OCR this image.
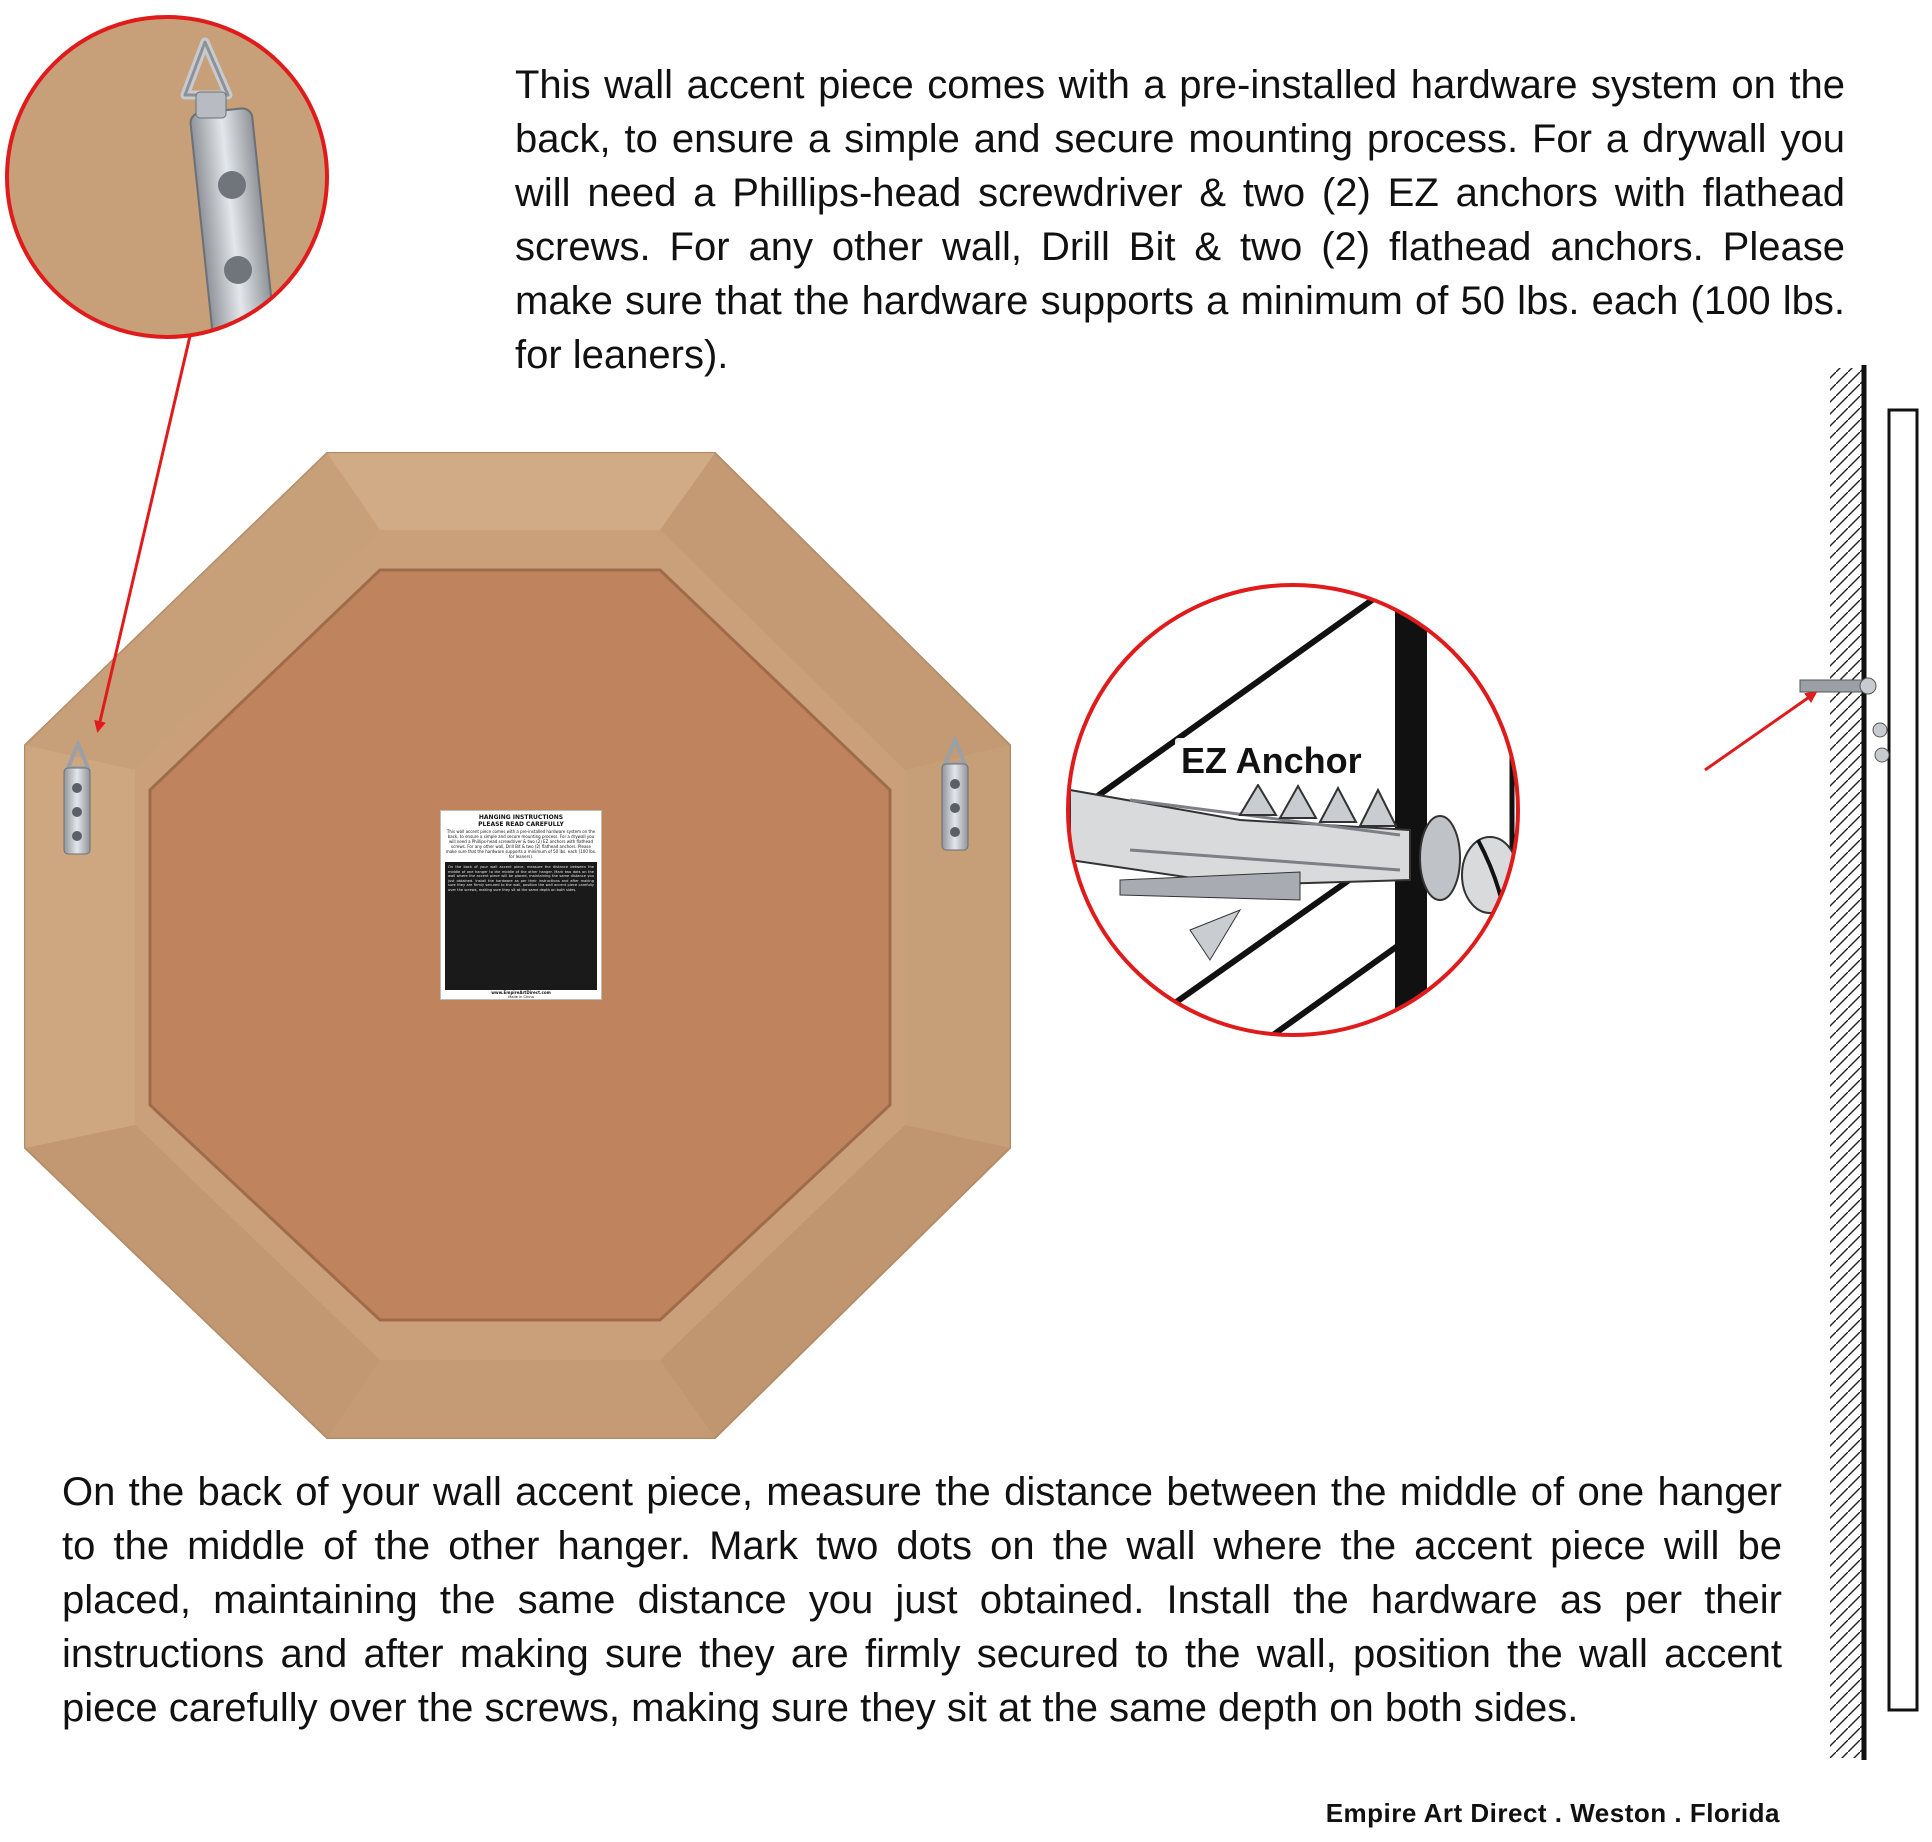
This wall accent piece comes with a pre-installed hardware system on the back, to ensure a simple and secure mounting process. For a drywall you will need a Phillips-head screwdriver & two (2) EZ anchors with flathead screws. For any other wall, Drill Bit & two (2) flathead anchors. Please make sure that the hardware supports a minimum of 50 lbs. each (100 lbs. for leaners).

EZ Anchor
HANGING INSTRUCTIONS
PLEASE READ CAREFULLY
This wall accent piece comes with a pre-installed hardware system on the back, to ensure a simple and secure mounting process. For a drywall you will need a Phillips-head screwdriver & two (2) EZ anchors with flathead screws. For any other wall, Drill Bit & two (2) flathead anchors. Please make sure that the hardware supports a minimum of 50 lbs. each (100 lbs. for leaners).
On the back of your wall accent piece, measure the distance between the middle of one hanger to the middle of the other hanger. Mark two dots on the wall where the accent piece will be placed, maintaining the same distance you just obtained. Install the hardware as per their instructions and after making sure they are firmly secured to the wall, position the wall accent piece carefully over the screws, making sure they sit at the same depth on both sides.
www.EmpireArtDirect.com
Made in China

On the back of your wall accent piece, measure the distance between the middle of one hanger to the middle of the other hanger. Mark two dots on the wall where the accent piece will be placed, maintaining the same distance you just obtained. Install the hardware as per their instructions and after making sure they are firmly secured to the wall, position the wall accent piece carefully over the screws, making sure they sit at the same depth on both sides.

Empire Art Direct . Weston . Florida
